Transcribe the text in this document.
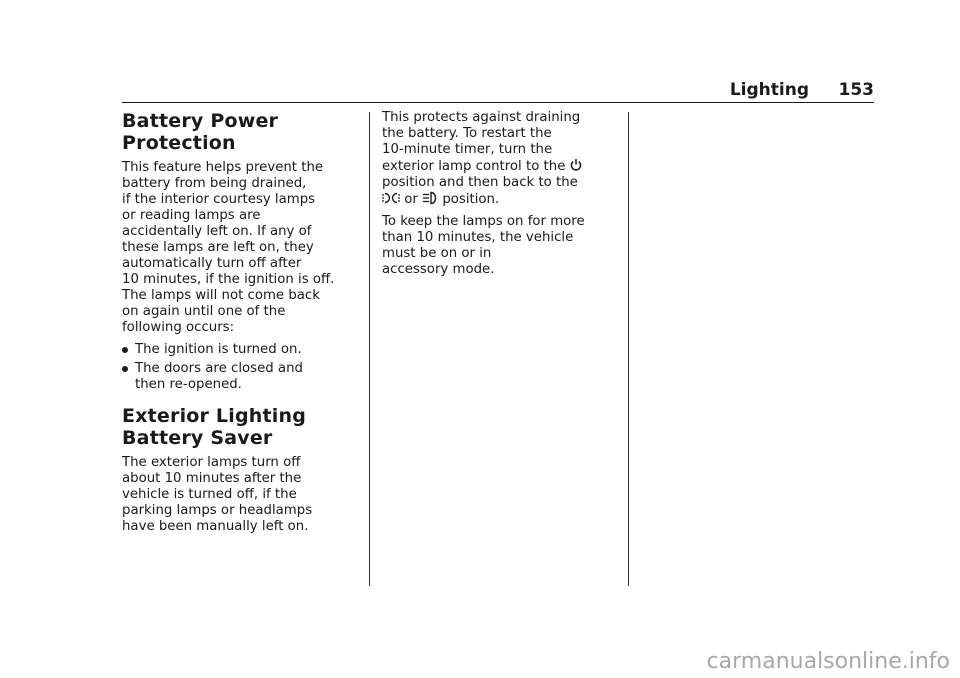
Lighting 153
Battery Power
Protection

This feature helps prevent the
battery from being drained,
if the interior courtesy lamps
or reading lamps are
accidentally left on. If any of
these lamps are left on, they
automatically turn off after
10 minutes, if the ignition is off.
The lamps will not come back
on again until one of the
following occurs:

The ignition is turned on.
The doors are closed and
then re-opened.
Exterior Lighting
Battery Saver

The exterior lamps turn off
about 10 minutes after the
vehicle is turned off, if the
parking lamps or headlamps
have been manually left on.

This protects against draining
the battery. To restart the
10-minute timer, turn the
exterior lamp control to the
position and then back to the
or position.

To keep the lamps on for more
than 10 minutes, the vehicle
must be on or in
accessory mode.

carmanualsonline.info
